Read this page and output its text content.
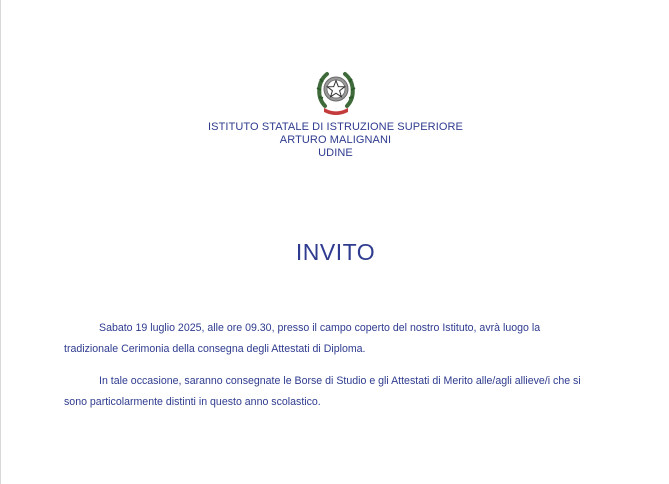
ISTITUTO STATALE DI ISTRUZIONE SUPERIORE
ARTURO MALIGNANI
UDINE
INVITO
Sabato 19 luglio 2025, alle ore 09.30, presso il campo coperto del nostro Istituto, avrà luogo la tradizionale Cerimonia della consegna degli Attestati di Diploma.
In tale occasione, saranno consegnate le Borse di Studio e gli Attestati di Merito alle/agli allieve/i che si sono particolarmente distinti in questo anno scolastico.
